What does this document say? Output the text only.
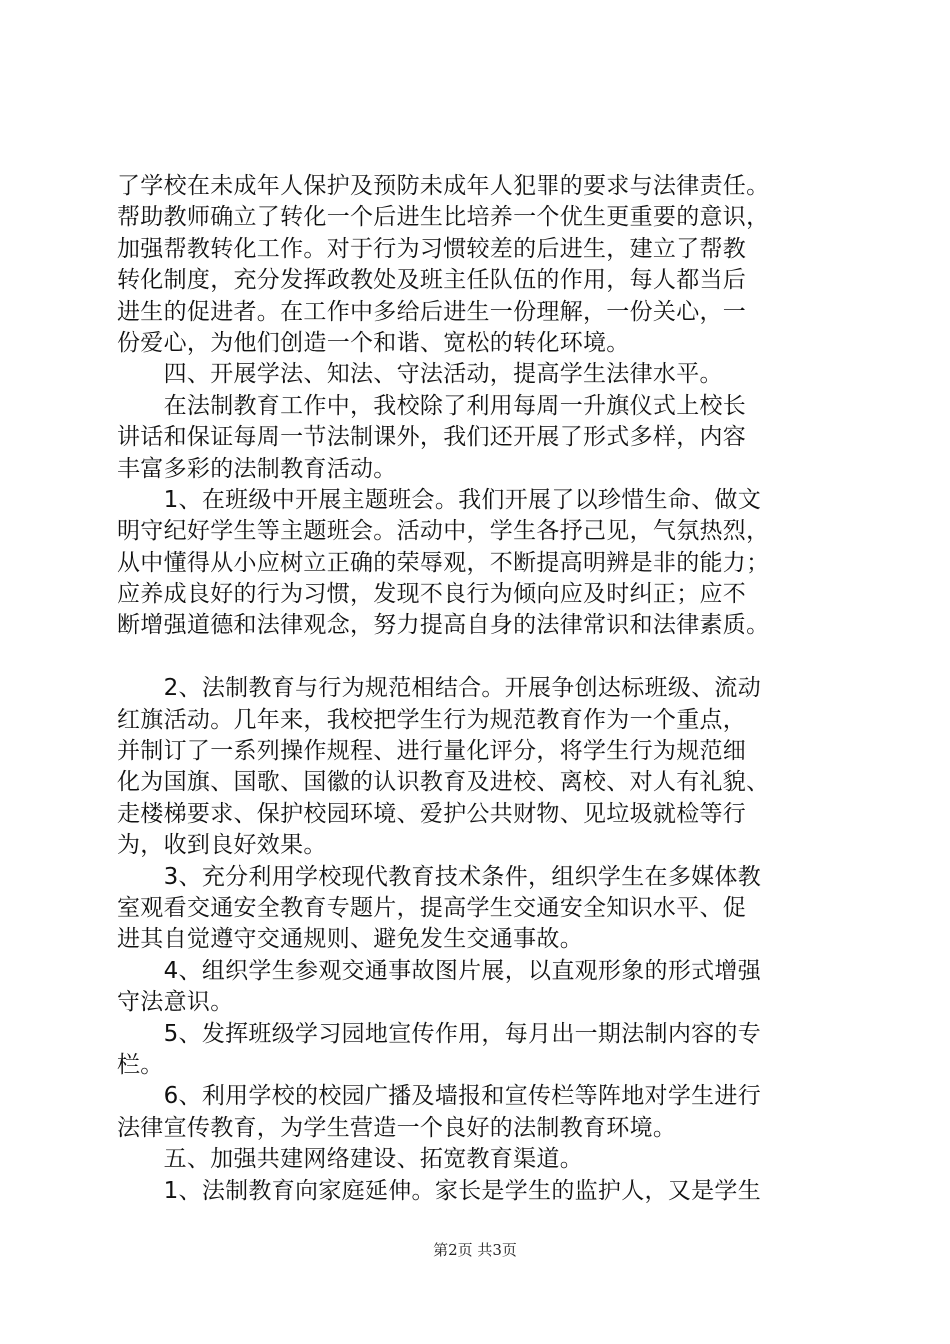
了学校在未成年人保护及预防未成年人犯罪的要求与法律责任。
帮助教师确立了转化一个后进生比培养一个优生更重要的意识，
加强帮教转化工作。对于行为习惯较差的后进生，建立了帮教
转化制度，充分发挥政教处及班主任队伍的作用，每人都当后
进生的促进者。在工作中多给后进生一份理解，一份关心，一
份爱心，为他们创造一个和谐、宽松的转化环境。
　　四、开展学法、知法、守法活动，提高学生法律水平。
　　在法制教育工作中，我校除了利用每周一升旗仪式上校长
讲话和保证每周一节法制课外，我们还开展了形式多样，内容
丰富多彩的法制教育活动。
　　1、在班级中开展主题班会。我们开展了以珍惜生命、做文
明守纪好学生等主题班会。活动中，学生各抒己见，气氛热烈，
从中懂得从小应树立正确的荣辱观，不断提高明辨是非的能力；
应养成良好的行为习惯，发现不良行为倾向应及时纠正；应不
断增强道德和法律观念，努力提高自身的法律常识和法律素质。
　　2、法制教育与行为规范相结合。开展争创达标班级、流动
红旗活动。几年来，我校把学生行为规范教育作为一个重点，
并制订了一系列操作规程、进行量化评分，将学生行为规范细
化为国旗、国歌、国徽的认识教育及进校、离校、对人有礼貌、
走楼梯要求、保护校园环境、爱护公共财物、见垃圾就检等行
为，收到良好效果。
　　3、充分利用学校现代教育技术条件，组织学生在多媒体教
室观看交通安全教育专题片，提高学生交通安全知识水平、促
进其自觉遵守交通规则、避免发生交通事故。
　　4、组织学生参观交通事故图片展，以直观形象的形式增强
守法意识。
　　5、发挥班级学习园地宣传作用，每月出一期法制内容的专
栏。
　　6、利用学校的校园广播及墙报和宣传栏等阵地对学生进行
法律宣传教育，为学生营造一个良好的法制教育环境。
　　五、加强共建网络建设、拓宽教育渠道。
　　1、法制教育向家庭延伸。家长是学生的监护人，又是学生
第2页 共3页
